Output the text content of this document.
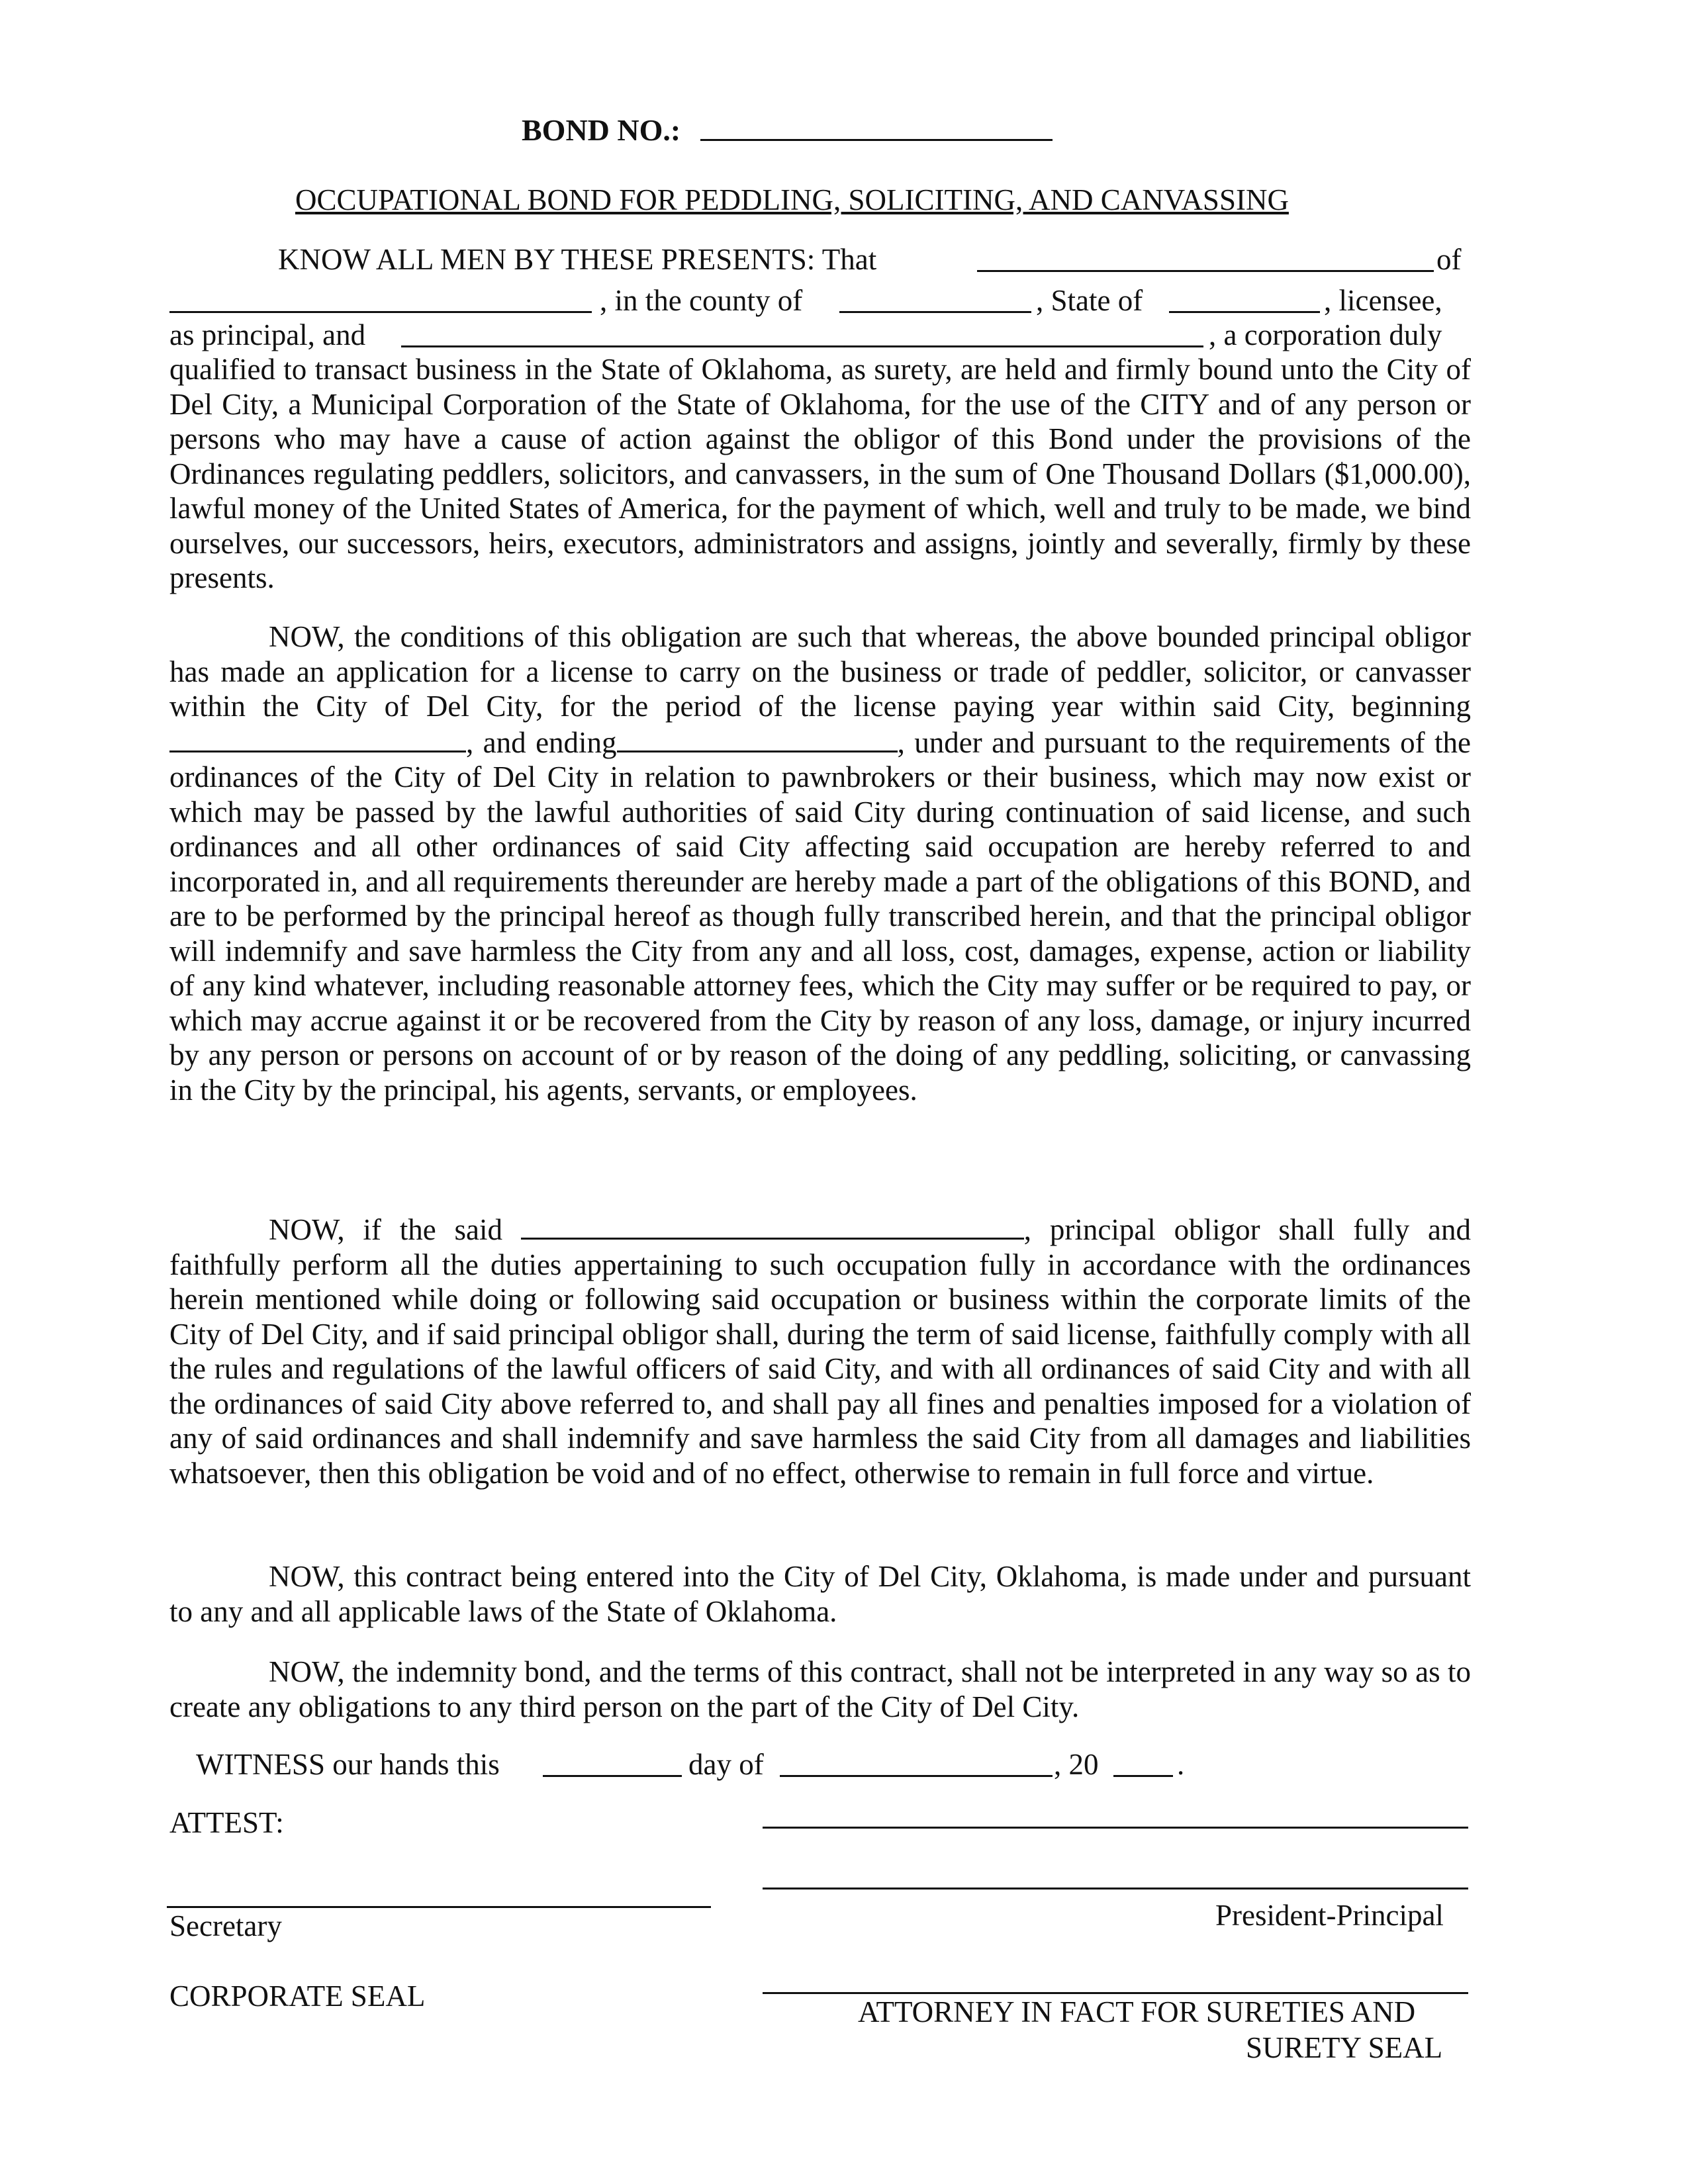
BOND NO.:
OCCUPATIONAL BOND FOR PEDDLING, SOLICITING, AND CANVASSING
KNOW ALL MEN BY THESE PRESENTS: That	of
, in the county of	, State of	, licensee,
as principal, and	, a corporation duly

qualified to transact business in the State of Oklahoma, as surety, are held and firmly bound unto the City of Del City, a Municipal Corporation of the State of Oklahoma, for the use of the CITY and of any person or persons who may have a cause of action against the obligor of this Bond under the provisions of the Ordinances regulating peddlers, solicitors, and canvassers, in the sum of One Thousand Dollars ($1,000.00), lawful money of the United States of America, for the payment of which, well and truly to be made, we bind ourselves, our successors, heirs, executors, administrators and assigns, jointly and severally, firmly by these presents.

NOW, the conditions of this obligation are such that whereas, the above bounded principal obligor has made an application for a license to carry on the business or trade of peddler, solicitor, or canvasser within the City of Del City, for the period of the license paying year within said City, beginning , and ending	, under and pursuant to the requirements of the ordinances of the City of Del City in relation to pawnbrokers or their business, which may now exist or which may be passed by the lawful authorities of said City during continuation of said license, and such ordinances and all other ordinances of said City affecting said occupation are hereby referred to and incorporated in, and all requirements thereunder are hereby made a part of the obligations of this BOND, and are to be performed by the principal hereof as though fully transcribed herein, and that the principal obligor will indemnify and save harmless the City from any and all loss, cost, damages, expense, action or liability of any kind whatever, including reasonable attorney fees, which the City may suffer or be required to pay, or which may accrue against it or be recovered from the City by reason of any loss, damage, or injury incurred by any person or persons on account of or by reason of the doing of any peddling, soliciting, or canvassing in the City by the principal, his agents, servants, or employees.

NOW, if the said	, principal obligor shall fully and faithfully perform all the duties appertaining to such occupation fully in accordance with the ordinances herein mentioned while doing or following said occupation or business within the corporate limits of the City of Del City, and if said principal obligor shall, during the term of said license, faithfully comply with all the rules and regulations of the lawful officers of said City, and with all ordinances of said City and with all the ordinances of said City above referred to, and shall pay all fines and penalties imposed for a violation of any of said ordinances and shall indemnify and save harmless the said City from all damages and liabilities whatsoever, then this obligation be void and of no effect, otherwise to remain in full force and virtue.

NOW, this contract being entered into the City of Del City, Oklahoma, is made under and pursuant to any and all applicable laws of the State of Oklahoma.

NOW, the indemnity bond, and the terms of this contract, shall not be interpreted in any way so as to create any obligations to any third person on the part of the City of Del City.

WITNESS our hands this	day of	, 20	.
ATTEST:
Secretary	President-Principal
CORPORATE SEAL	ATTORNEY IN FACT FOR SURETIES AND
SURETY SEAL
